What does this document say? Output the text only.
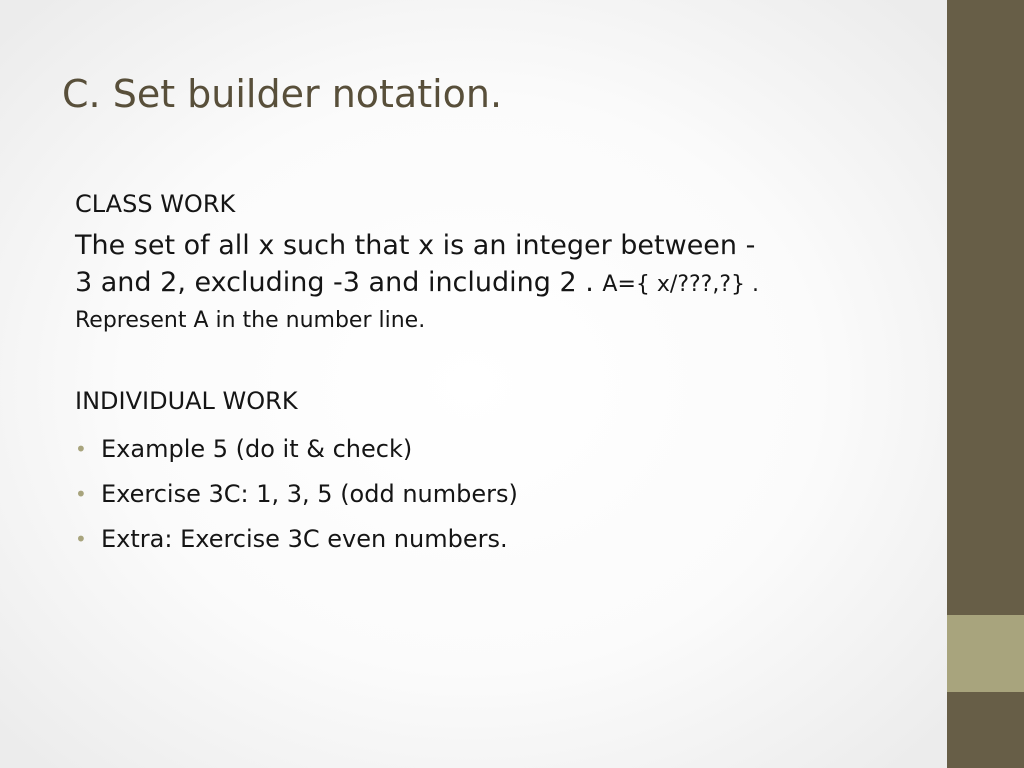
C. Set builder notation.

CLASS WORK

The set of all x such that x is an integer between -
3 and 2, excluding -3 and including 2 . A={ x/???,?} .
Represent A in the number line.

INDIVIDUAL WORK

• Example 5 (do it & check)
• Exercise 3C: 1, 3, 5 (odd numbers)
• Extra: Exercise 3C even numbers.
